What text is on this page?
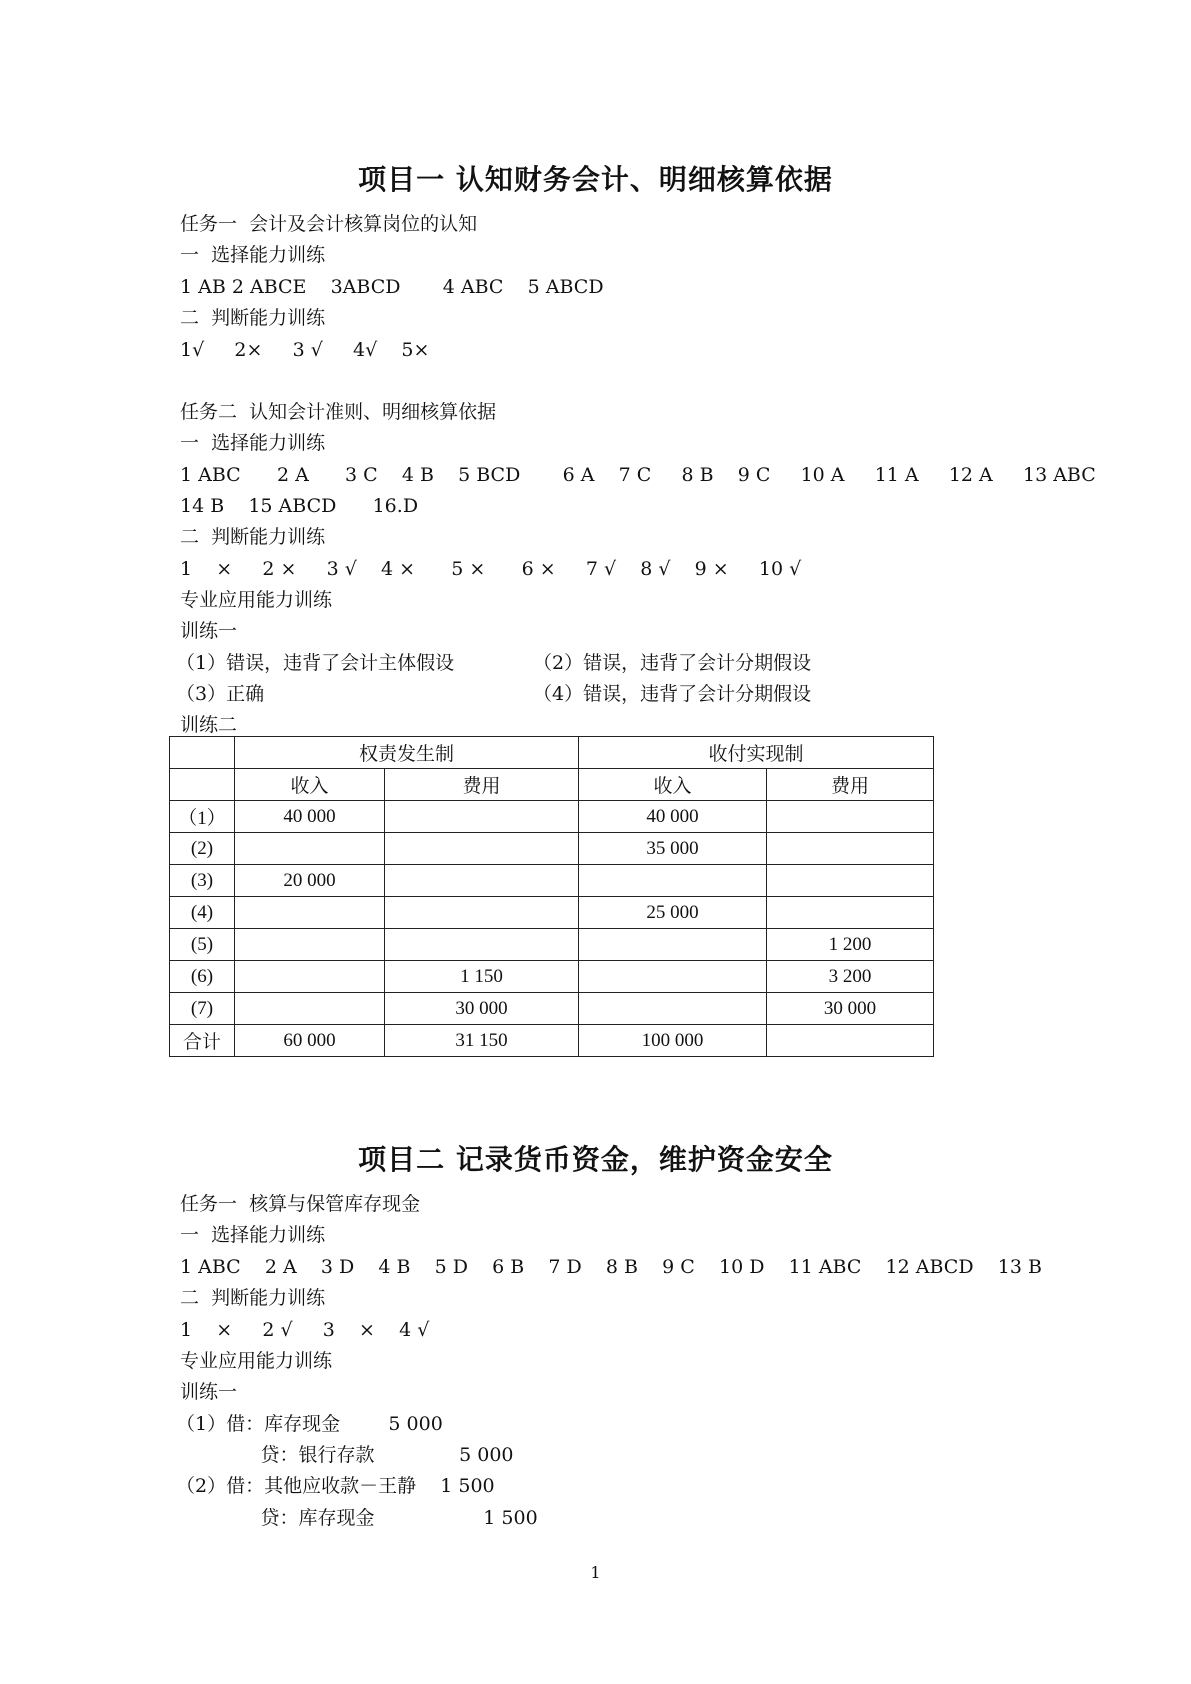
项目一 认知财务会计、明细核算依据
任务一  会计及会计核算岗位的认知
一  选择能力训练
1 AB 2 ABCE    3ABCD       4 ABC    5 ABCD
二  判断能力训练
1√     2×     3 √     4√    5×
任务二  认知会计准则、明细核算依据
一  选择能力训练
1 ABC      2 A      3 C    4 B    5 BCD       6 A    7 C     8 B    9 C     10 A     11 A     12 A     13 ABC
14 B    15 ABCD      16.D
二  判断能力训练
1    ×     2 ×     3 √    4 ×      5 ×      6 ×     7 √    8 √    9 ×     10 √
专业应用能力训练
训练一
（1）错误，违背了会计主体假设	（2）错误，违背了会计分期假设
（3）正确	（4）错误，违背了会计分期假设
训练二
	权责发生制		收付实现制	
	收入	费用	收入	费用
（1）	40 000		40 000	
(2)			35 000	
(3)	20 000			
(4)			25 000	
(5)				1 200
(6)		1 150		3 200
(7)		30 000		30 000
合计	60 000	31 150	100 000	
项目二 记录货币资金，维护资金安全
任务一  核算与保管库存现金
一  选择能力训练
1 ABC    2 A    3 D    4 B    5 D    6 B    7 D    8 B    9 C    10 D    11 ABC    12 ABCD    13 B
二  判断能力训练
1    ×     2 √     3    ×    4 √
专业应用能力训练
训练一
（1）借：库存现金        5 000
贷：银行存款              5 000
（2）借：其他应收款－王静    1 500
贷：库存现金                  1 500
1
